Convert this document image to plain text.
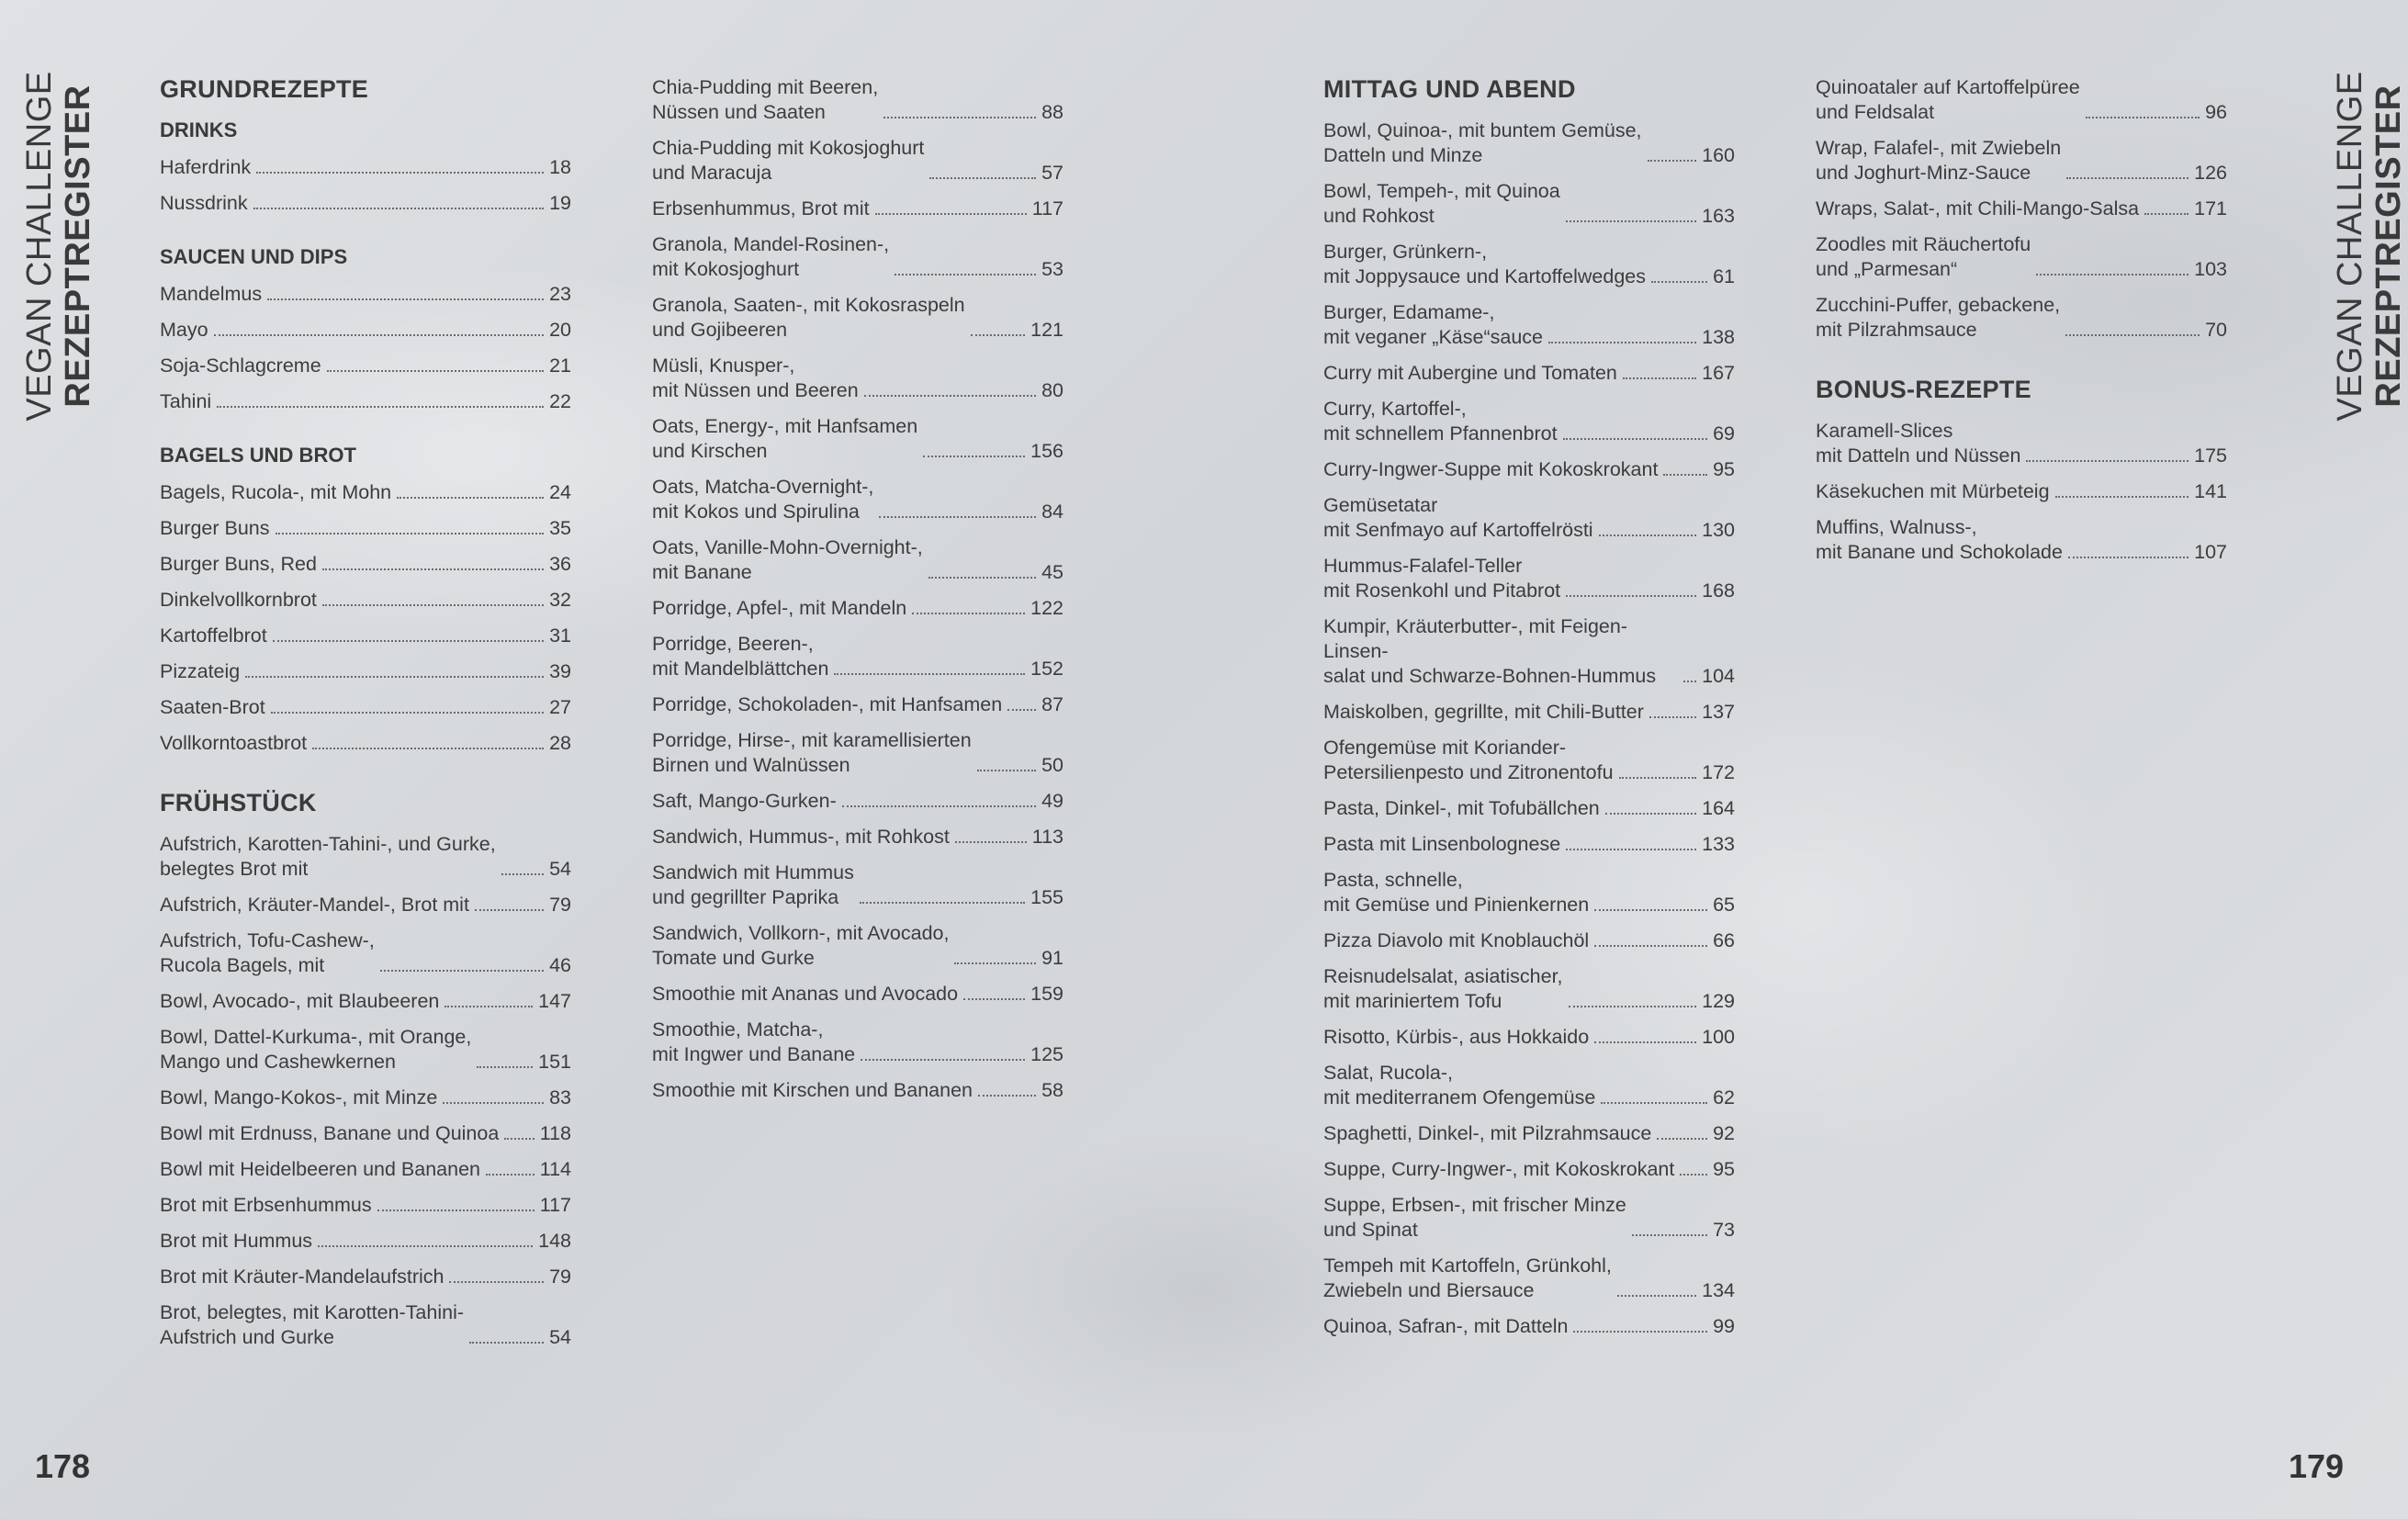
VEGAN CHALLENGE REZEPTREGISTER	VEGAN CHALLENGE REZEPTREGISTER
GRUNDREZEPTE
DRINKS
Haferdrink	18
Nussdrink	19
SAUCEN UND DIPS
Mandelmus	23
Mayo	20
Soja-Schlagcreme	21
Tahini	22
BAGELS UND BROT
Bagels, Rucola-, mit Mohn	24
Burger Buns	35
Burger Buns, Red	36
Dinkelvollkornbrot	32
Kartoffelbrot	31
Pizzateig	39
Saaten-Brot	27
Vollkorntoastbrot	28
FRÜHSTÜCK
Aufstrich, Karotten-Tahini-, und Gurke,
belegtes Brot mit	54
Aufstrich, Kräuter-Mandel-, Brot mit	79
Aufstrich, Tofu-Cashew-,
Rucola Bagels, mit	46
Bowl, Avocado-, mit Blaubeeren	147
Bowl, Dattel-Kurkuma-, mit Orange,
Mango und Cashewkernen	151
Bowl, Mango-Kokos-, mit Minze	83
Bowl mit Erdnuss, Banane und Quinoa 118
Bowl mit Heidelbeeren und Bananen	114
Brot mit Erbsenhummus	117
Brot mit Hummus	148
Brot mit Kräuter-Mandelaufstrich	79
Brot, belegtes, mit Karotten-Tahini-
Aufstrich und Gurke	54
Chia-Pudding mit Beeren,
Nüssen und Saaten	88
Chia-Pudding mit Kokosjoghurt
und Maracuja	57
Erbsenhummus, Brot mit	117
Granola, Mandel-Rosinen-,
mit Kokosjoghurt	53
Granola, Saaten-, mit Kokosraspeln
und Gojibeeren	121
Müsli, Knusper-,
mit Nüssen und Beeren	80
Oats, Energy-, mit Hanfsamen
und Kirschen	156
Oats, Matcha-Overnight-,
mit Kokos und Spirulina	84
Oats, Vanille-Mohn-Overnight-,
mit Banane	45
Porridge, Apfel-, mit Mandeln	122
Porridge, Beeren-,
mit Mandelblättchen	152
Porridge, Schokoladen-, mit Hanfsamen 87
Porridge, Hirse-, mit karamellisierten
Birnen und Walnüssen	50
Saft, Mango-Gurken-	49
Sandwich, Hummus-, mit Rohkost	113
Sandwich mit Hummus
und gegrillter Paprika	155
Sandwich, Vollkorn-, mit Avocado,
Tomate und Gurke	91
Smoothie mit Ananas und Avocado	159
Smoothie, Matcha-,
mit Ingwer und Banane	125
Smoothie mit Kirschen und Bananen	58
MITTAG UND ABEND
Bowl, Quinoa-, mit buntem Gemüse,
Datteln und Minze	160
Bowl, Tempeh-, mit Quinoa
und Rohkost	163
Burger, Grünkern-,
mit Joppysauce und Kartoffelwedges	61
Burger, Edamame-,
mit veganer „Käse“sauce	138
Curry mit Aubergine und Tomaten	167
Curry, Kartoffel-,
mit schnellem Pfannenbrot	69
Curry-Ingwer-Suppe mit Kokoskrokant	95
Gemüsetatar
mit Senfmayo auf Kartoffelrösti	130
Hummus-Falafel-Teller
mit Rosenkohl und Pitabrot	168
Kumpir, Kräuterbutter-, mit Feigen-Linsen-
salat und Schwarze-Bohnen-Hummus	104
Maiskolben, gegrillte, mit Chili-Butter	137
Ofengemüse mit Koriander-
Petersilienpesto und Zitronentofu	172
Pasta, Dinkel-, mit Tofubällchen	164
Pasta mit Linsenbolognese	133
Pasta, schnelle,
mit Gemüse und Pinienkernen	65
Pizza Diavolo mit Knoblauchöl	66
Reisnudelsalat, asiatischer,
mit mariniertem Tofu	129
Risotto, Kürbis-, aus Hokkaido	100
Salat, Rucola-,
mit mediterranem Ofengemüse	62
Spaghetti, Dinkel-, mit Pilzrahmsauce	92
Suppe, Curry-Ingwer-, mit Kokoskrokant 95
Suppe, Erbsen-, mit frischer Minze
und Spinat	73
Tempeh mit Kartoffeln, Grünkohl,
Zwiebeln und Biersauce	134
Quinoa, Safran-, mit Datteln	99
Quinoataler auf Kartoffelpüree
und Feldsalat	96
Wrap, Falafel-, mit Zwiebeln
und Joghurt-Minz-Sauce	126
Wraps, Salat-, mit Chili-Mango-Salsa	171
Zoodles mit Räuchertofu
und „Parmesan“	103
Zucchini-Puffer, gebackene,
mit Pilzrahmsauce	70
BONUS-REZEPTE
Karamell-Slices
mit Datteln und Nüssen	175
Käsekuchen mit Mürbeteig	141
Muffins, Walnuss-,
mit Banane und Schokolade	107
178	179
